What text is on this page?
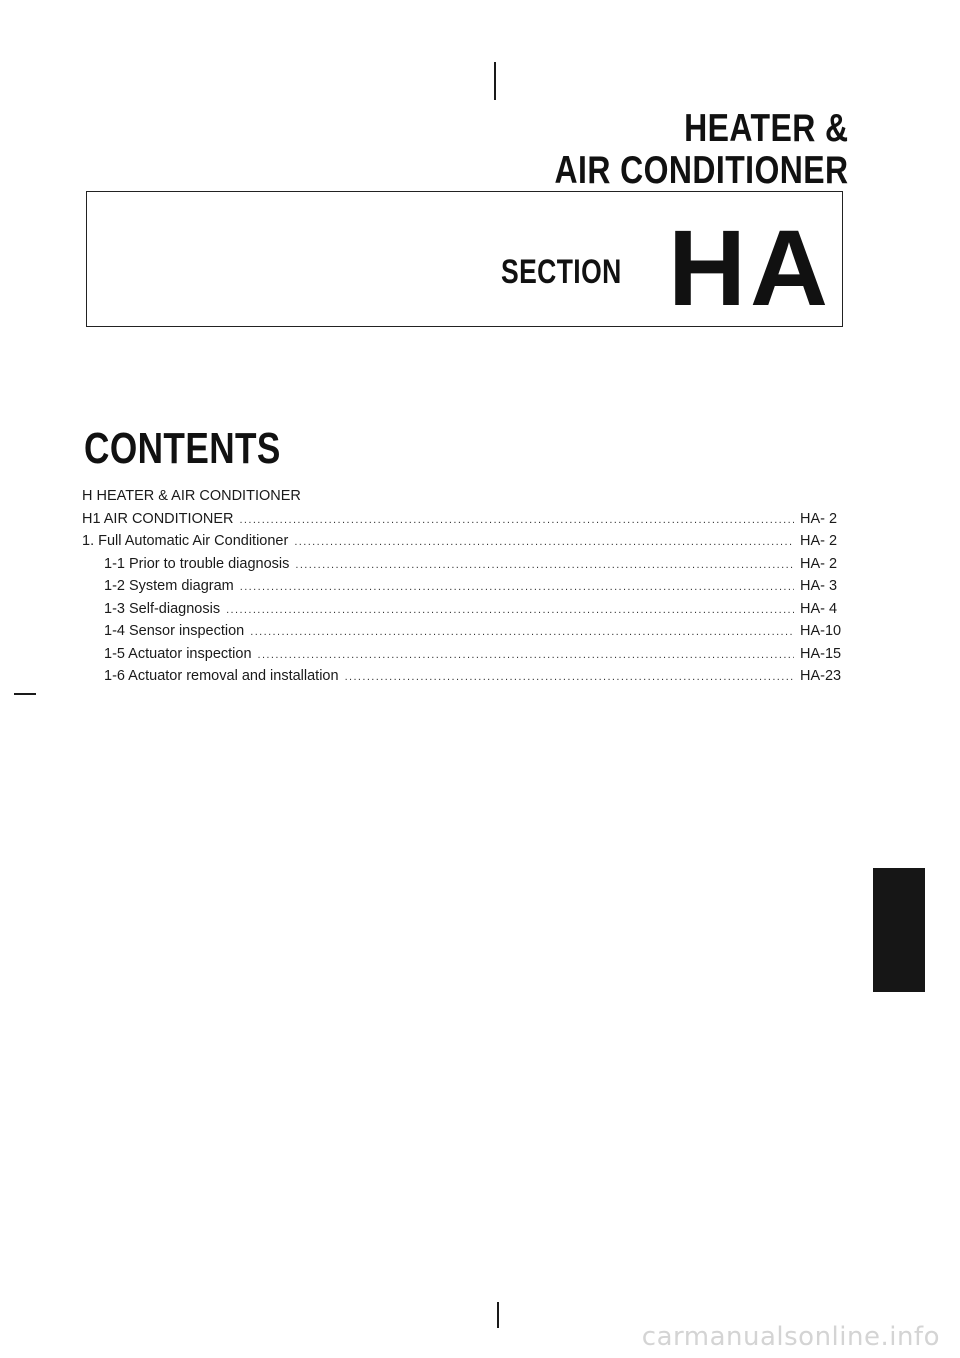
HEATER &
AIR CONDITIONER
SECTION HA
CONTENTS
H HEATER & AIR CONDITIONER
H1 AIR CONDITIONER .....	HA- 2
1. Full Automatic Air Conditioner .....	HA- 2
1-1 Prior to trouble diagnosis .....	HA- 2
1-2 System diagram .....	HA- 3
1-3 Self-diagnosis .....	HA- 4
1-4 Sensor inspection .....	HA-10
1-5 Actuator inspection .....	HA-15
1-6 Actuator removal and installation .....	HA-23
carmanualsonline.info
